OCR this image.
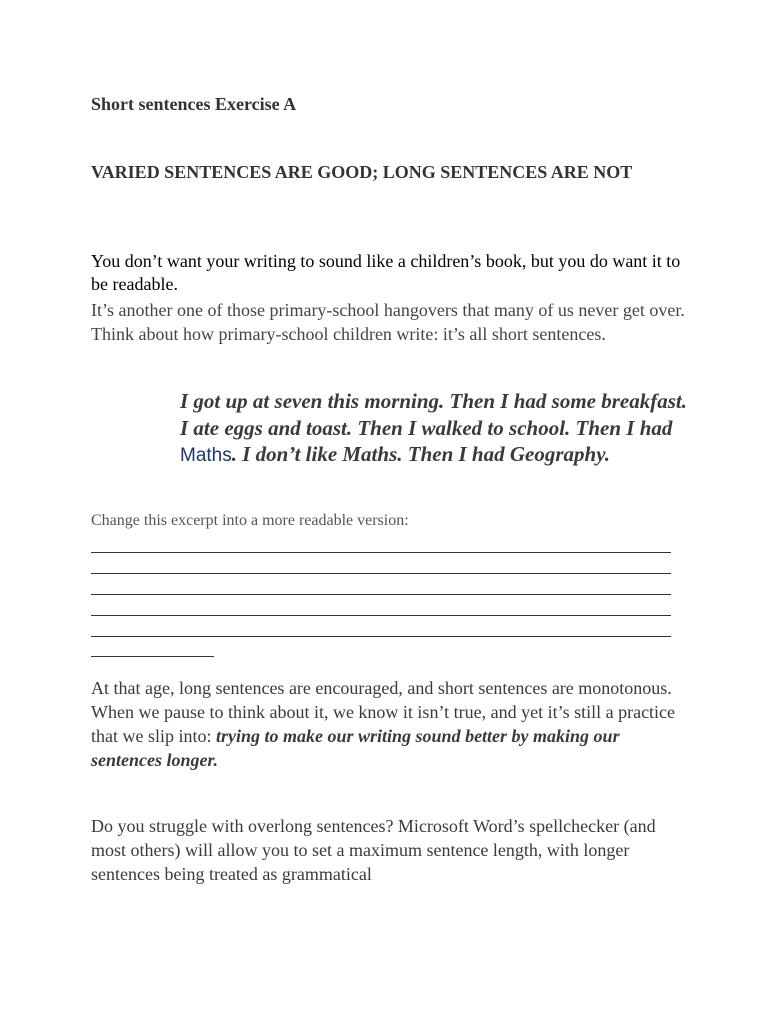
Short sentences Exercise A

VARIED SENTENCES ARE GOOD; LONG SENTENCES ARE NOT

You don’t want your writing to sound like a children’s book, but you do want it to be readable.

It’s another one of those primary-school hangovers that many of us never get over. Think about how primary-school children write: it’s all short sentences.

I got up at seven this morning. Then I had some breakfast. I ate eggs and toast. Then I walked to school. Then I had Maths. I don’t like Maths. Then I had Geography.

Change this excerpt into a more readable version:

At that age, long sentences are encouraged, and short sentences are monotonous. When we pause to think about it, we know it isn’t true, and yet it’s still a practice that we slip into: trying to make our writing sound better by making our sentences longer.

Do you struggle with overlong sentences? Microsoft Word’s spellchecker (and most others) will allow you to set a maximum sentence length, with longer sentences being treated as grammatical
